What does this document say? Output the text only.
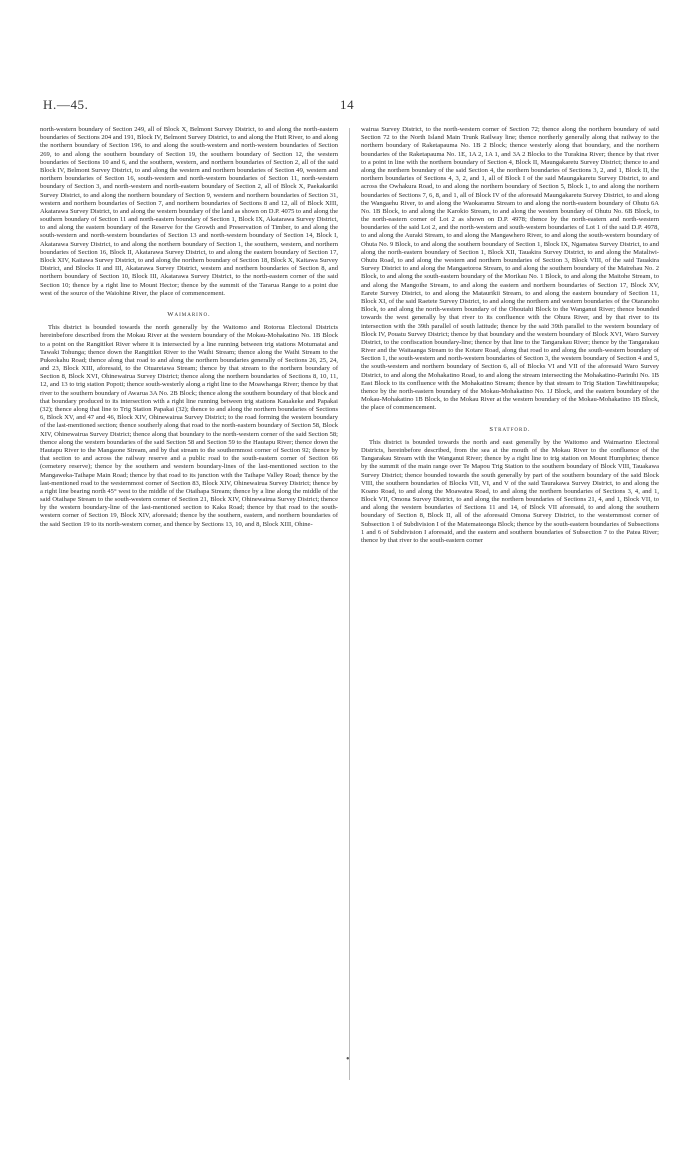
H.—45.	14

north-western boundary of Section 249, all of Block X, Belmont Survey District, to and along the north-eastern boundaries of Sections 204 and 191, Block IV, Belmont Survey District, to and along the Hutt River, to and along the northern boundary of Section 196, to and along the south-western and north-western boundaries of Section 269, to and along the southern boundary of Section 19, the southern boundary of Section 12, the western boundaries of Sections 10 and 6, and the southern, western, and northern boundaries of Section 2, all of the said Block IV, Belmont Survey District, to and along the western and northern boundaries of Section 49, western and northern boundaries of Section 16, south-western and north-western boundaries of Section 11, north-western boundary of Section 3, and north-western and north-eastern boundary of Section 2, all of Block X, Paekakariki Survey District, to and along the northern boundary of Section 9, western and northern boundaries of Section 31, western and northern boundaries of Section 7, and northern boundaries of Sections 8 and 12, all of Block XIII, Akatarawa Survey District, to and along the western boundary of the land as shown on D.P. 4075 to and along the southern boundary of Section 11 and north-eastern boundary of Section 1, Block IX, Akatarawa Survey District, to and along the eastern boundary of the Reserve for the Growth and Preservation of Timber, to and along the south-western and north-western boundaries of Section 13 and north-western boundary of Section 14, Block I, Akatarawa Survey District, to and along the northern boundary of Section 1, the southern, western, and northern boundaries of Section 16, Block II, Akatarawa Survey District, to and along the eastern boundary of Section 17, Block XIV, Kaitawa Survey District, to and along the northern boundary of Section 18, Block X, Kaitawa Survey District, and Blocks II and III, Akatarawa Survey District, western and northern boundaries of Section 8, and northern boundary of Section 10, Block III, Akatarawa Survey District, to the north-eastern corner of the said Section 10; thence by a right line to Mount Hector; thence by the summit of the Tararua Range to a point due west of the source of the Waiohine River, the place of commencement.

Waimarino.

This district is bounded towards the north generally by the Waitomo and Rotorua Electoral Districts hereinbefore described from the Mokau River at the western boundary of the Mokau-Mohakatino No. 1B Block to a point on the Rangitikei River where it is intersected by a line running between trig stations Motumatai and Tawaki Tohunga; thence down the Rangitikei River to the Waihi Stream; thence along the Waihi Stream to the Pukeokahu Road; thence along that road to and along the northern boundaries generally of Sections 26, 25, 24, and 23, Block XIII, aforesaid, to the Otuareiawa Stream; thence by that stream to the northern boundary of Section 8, Block XVI, Ohinewairua Survey District; thence along the northern boundaries of Sections 8, 10, 11, 12, and 13 to trig station Popoti; thence south-westerly along a right line to the Moawhanga River; thence by that river to the southern boundary of Awarua 3A No. 2B Block; thence along the southern boundary of that block and that boundary produced to its intersection with a right line running between trig stations Kauakeke and Papakai (32); thence along that line to Trig Station Papakai (32); thence to and along the northern boundaries of Sections 6, Block XV, and 47 and 46, Block XIV, Ohinewairua Survey District; to the road forming the western boundary of the last-mentioned section; thence southerly along that road to the north-eastern boundary of Section 58, Block XIV, Ohinewairua Survey District; thence along that boundary to the north-western corner of the said Section 58; thence along the western boundaries of the said Section 58 and Section 59 to the Hautapu River; thence down the Hautapu River to the Mangaone Stream, and by that stream to the southernmost corner of Section 92; thence by that section to and across the railway reserve and a public road to the south-eastern corner of Section 66 (cemetery reserve); thence by the southern and western boundary-lines of the last-mentioned section to the Mangaweka-Taihape Main Road; thence by that road to its junction with the Taihape Valley Road; thence by the last-mentioned road to the westernmost corner of Section 83, Block XIV, Ohinewairua Survey District; thence by a right line bearing north 45° west to the middle of the Otaihapa Stream; thence by a line along the middle of the said Otaihape Stream to the south-western corner of Section 21, Block XIV, Ohinewairua Survey District; thence by the western boundary-line of the last-mentioned section to Kaka Road; thence by that road to the south-western corner of Section 19, Block XIV, aforesaid; thence by the southern, eastern, and northern boundaries of the said Section 19 to its north-western corner, and thence by Sections 13, 10, and 8, Block XIII, Ohine-

wairua Survey District, to the north-western corner of Section 72; thence along the northern boundary of said Section 72 to the North Island Main Trunk Railway line; thence northerly generally along that railway to the northern boundary of Raketapauma No. 1B 2 Block; thence westerly along that boundary, and the northern boundaries of the Raketapauma No. 1E, 1A 2, 1A 1, and 3A 2 Blocks to the Turakina River; thence by that river to a point in line with the northern boundary of Section 4, Block II, Maungakaretu Survey District; thence to and along the northern boundary of the said Section 4, the northern boundaries of Sections 3, 2, and 1, Block II, the northern boundaries of Sections 4, 3, 2, and 1, all of Block I of the said Maungakaretu Survey District, to and across the Owhakura Road, to and along the northern boundary of Section 5, Block 1, to and along the northern boundaries of Sections 7, 6, 8, and 1, all of Block IV of the aforesaid Maungakaretu Survey District, to and along the Wangaehu River, to and along the Waokaramu Stream to and along the north-eastern boundary of Ohutu 6A No. 1B Block, to and along the Karokio Stream, to and along the western boundary of Ohutu No. 6B Block, to the north-eastern corner of Lot 2 as shown on D.P. 4978; thence by the north-eastern and north-western boundaries of the said Lot 2, and the north-western and south-western boundaries of Lot 1 of the said D.P. 4978, to and along the Auraki Stream, to and along the Mangawhero River, to and along the south-western boundary of Ohuta No. 9 Block, to and along the southern boundary of Section 1, Block IX, Ngamatea Survey District, to and along the north-eastern boundary of Section 1, Block XII, Tauakira Survey District, to and along the Mataliwi-Ohutu Road, to and along the western and northern boundaries of Section 3, Block VIII, of the said Tauakira Survey District to and along the Mangaetoroa Stream, to and along the southern boundary of the Mairehau No. 2 Block, to and along the south-eastern boundary of the Morikau No. 1 Block, to and along the Maitohe Stream, to and along the Mangoihe Stream, to and along the eastern and northern boundaries of Section 17, Block XV, Earete Survey District, to and along the Mataurikii Stream, to and along the eastern boundary of Section 11, Block XI, of the said Raetete Survey District, to and along the northern and western boundaries of the Otaranoho Block, to and along the north-western boundary of the Ohoutahi Block to the Wanganui River; thence bounded towards the west generally by that river to its confluence with the Ohura River, and by that river to its intersection with the 39th parallel of south latitude; thence by the said 39th parallel to the western boundary of Block IV, Pouatu Survey District; thence by that boundary and the western boundary of Block XVI, Waro Survey District, to the confiscation boundary-line; thence by that line to the Tangarakau River; thence by the Tangarakau River and the Waitaanga Stream to the Kotare Road, along that road to and along the south-western boundary of Section 1, the south-western and north-western boundaries of Section 3, the western boundary of Section 4 and 5, the south-western and northern boundary of Section 6, all of Blocks VI and VII of the aforesaid Waro Survey District, to and along the Mohakatino Road, to and along the stream intersecting the Mohakatino-Parinihi No. 1B East Block to its confluence with the Mohakatino Stream; thence by that stream to Trig Station Tawhitiraupeka; thence by the north-eastern boundary of the Mokau-Mohakatino No. 1J Block, and the eastern boundary of the Mokau-Mohakatino 1B Block, to the Mokau River at the western boundary of the Mokau-Mohakatino 1B Block, the place of commencement.

Stratford.

This district is bounded towards the north and east generally by the Waitomo and Waimarino Electoral Districts, hereinbefore described, from the sea at the mouth of the Mokau River to the confluence of the Tangarakau Stream with the Wanganui River; thence by a right line to trig station on Mount Humphries; thence by the summit of the main range over Te Mapou Trig Station to the southern boundary of Block VIII, Tauakawa Survey District; thence bounded towards the south generally by part of the southern boundary of the said Block VIII, the southern boundaries of Blocks VII, VI, and V of the said Taurakawa Survey District, to and along the Koano Road, to and along the Moawatea Road, to and along the northern boundaries of Sections 3, 4, and 1, Block VII, Omona Survey District, to and along the northern boundaries of Sections 21, 4, and 1, Block VII, to and along the western boundaries of Sections 11 and 14, of Block VII aforesaid, to and along the southern boundary of Section 8, Block II, all of the aforesaid Omona Survey District, to the westernmost corner of Subsection 1 of Subdivision I of the Matemateonga Block; thence by the south-eastern boundaries of Subsections 1 and 6 of Subdivision I aforesaid, and the eastern and southern boundaries of Subsection 7 to the Patea River; thence by that river to the south-eastern corner

•
